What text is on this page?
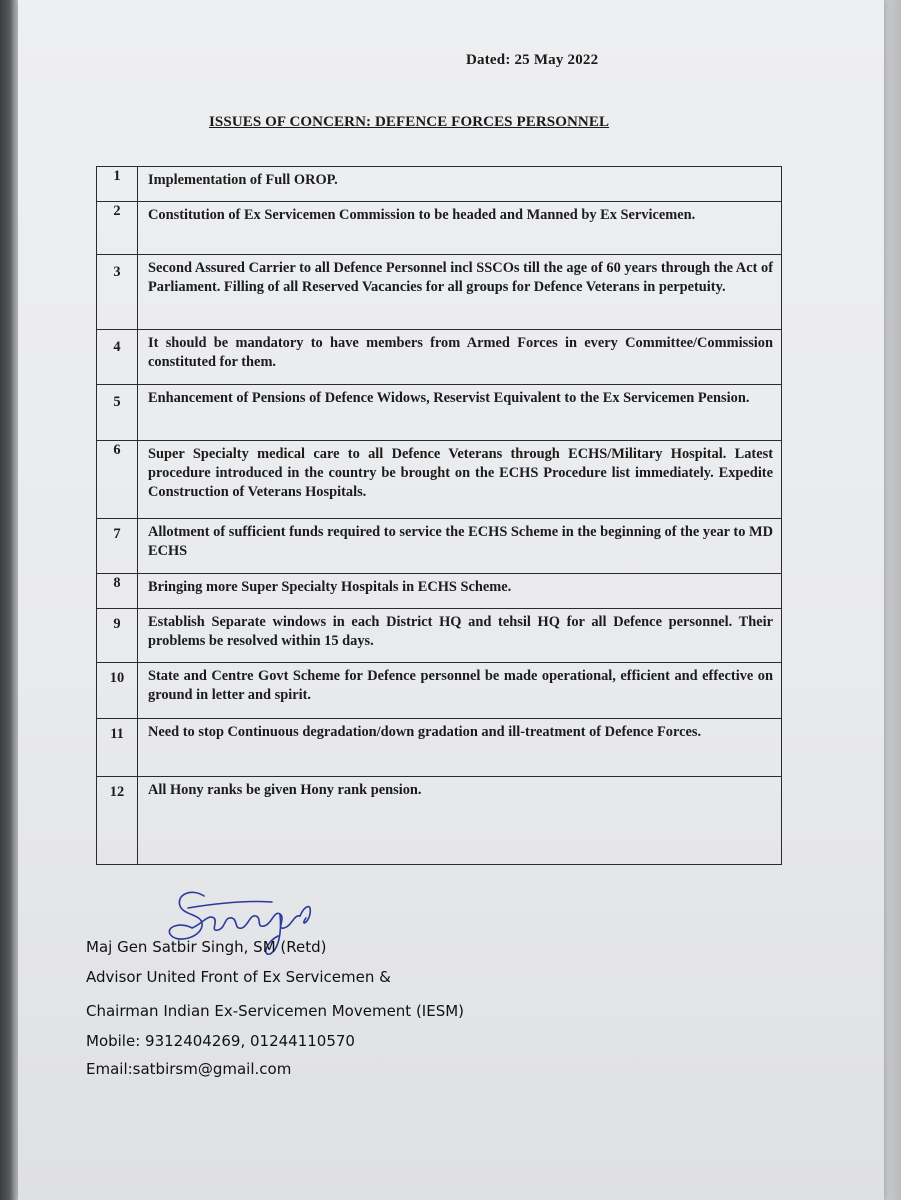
Dated: 25 May 2022
ISSUES OF CONCERN: DEFENCE FORCES PERSONNEL
1	Implementation of Full OROP.
2	Constitution of Ex Servicemen Commission to be headed and Manned by Ex Servicemen.
3	Second Assured Carrier to all Defence Personnel incl SSCOs till the age of 60 years through the Act of Parliament. Filling of all Reserved Vacancies for all groups for Defence Veterans in perpetuity.
4	It should be mandatory to have members from Armed Forces in every Committee/Commission constituted for them.
5	Enhancement of Pensions of Defence Widows, Reservist Equivalent to the Ex Servicemen Pension.
6	Super Specialty medical care to all Defence Veterans through ECHS/Military Hospital. Latest procedure introduced in the country be brought on the ECHS Procedure list immediately. Expedite Construction of Veterans Hospitals.
7	Allotment of sufficient funds required to service the ECHS Scheme in the beginning of the year to MD ECHS
8	Bringing more Super Specialty Hospitals in ECHS Scheme.
9	Establish Separate windows in each District HQ and tehsil HQ for all Defence personnel. Their problems be resolved within 15 days.
10	State and Centre Govt Scheme for Defence personnel be made operational, efficient and effective on ground in letter and spirit.
11	Need to stop Continuous degradation/down gradation and ill-treatment of Defence Forces.
12	All Hony ranks be given Hony rank pension.
Maj Gen Satbir Singh, SM (Retd)
Advisor United Front of Ex Servicemen &
Chairman Indian Ex-Servicemen Movement (IESM)
Mobile: 9312404269, 01244110570
Email:satbirsm@gmail.com
